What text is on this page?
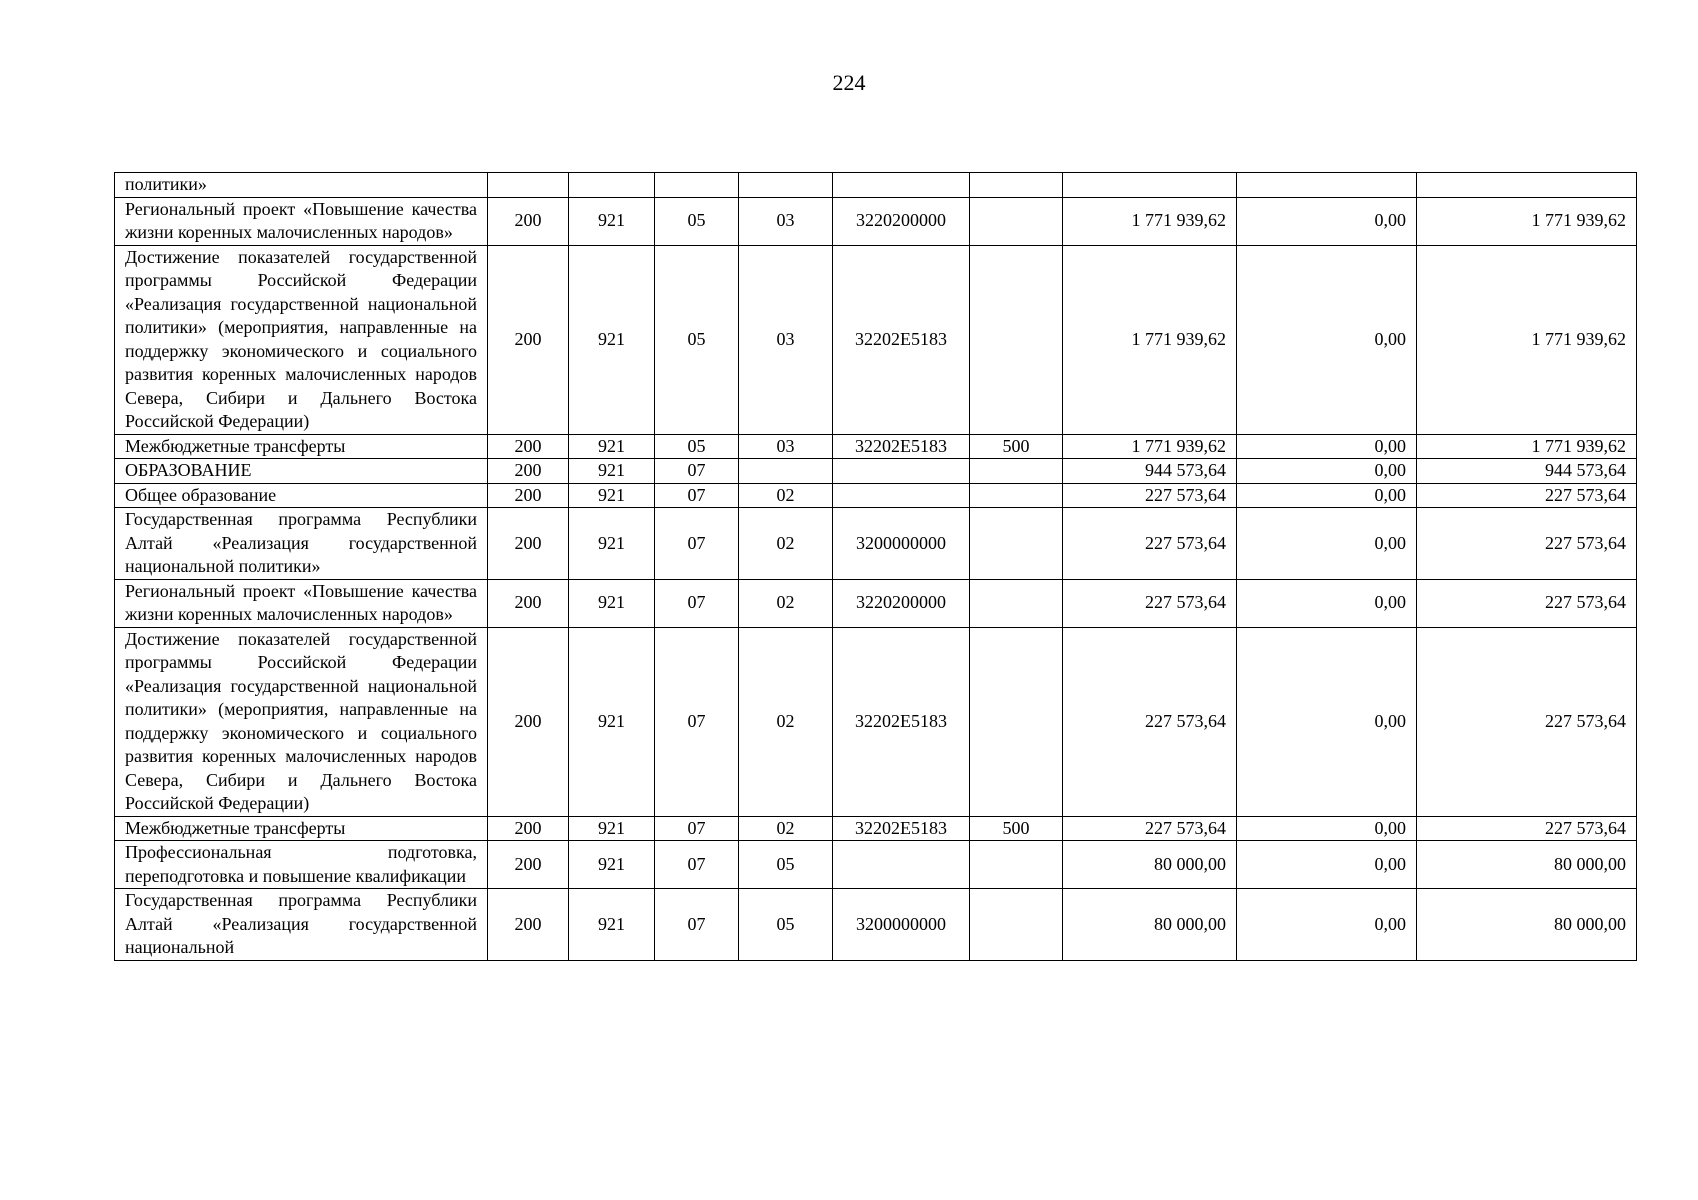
224
политики»									
Региональный проект «Повышение качества жизни коренных малочисленных народов»	200	921	05	03	3220200000		1 771 939,62	0,00	1 771 939,62
Достижение показателей государственной программы Российской Федерации «Реализация государственной национальной политики» (мероприятия, направленные на поддержку экономического и социального развития коренных малочисленных народов Севера, Сибири и Дальнего Востока Российской Федерации)	200	921	05	03	32202E5183		1 771 939,62	0,00	1 771 939,62
Межбюджетные трансферты	200	921	05	03	32202E5183	500	1 771 939,62	0,00	1 771 939,62
ОБРАЗОВАНИЕ	200	921	07				944 573,64	0,00	944 573,64
Общее образование	200	921	07	02			227 573,64	0,00	227 573,64
Государственная программа Республики Алтай «Реализация государственной национальной политики»	200	921	07	02	3200000000		227 573,64	0,00	227 573,64
Региональный проект «Повышение качества жизни коренных малочисленных народов»	200	921	07	02	3220200000		227 573,64	0,00	227 573,64
Достижение показателей государственной программы Российской Федерации «Реализация государственной национальной политики» (мероприятия, направленные на поддержку экономического и социального развития коренных малочисленных народов Севера, Сибири и Дальнего Востока Российской Федерации)	200	921	07	02	32202E5183		227 573,64	0,00	227 573,64
Межбюджетные трансферты	200	921	07	02	32202E5183	500	227 573,64	0,00	227 573,64
Профессиональная подготовка, переподготовка и повышение квалификации	200	921	07	05			80 000,00	0,00	80 000,00
Государственная программа Республики Алтай «Реализация государственной национальной	200	921	07	05	3200000000		80 000,00	0,00	80 000,00
